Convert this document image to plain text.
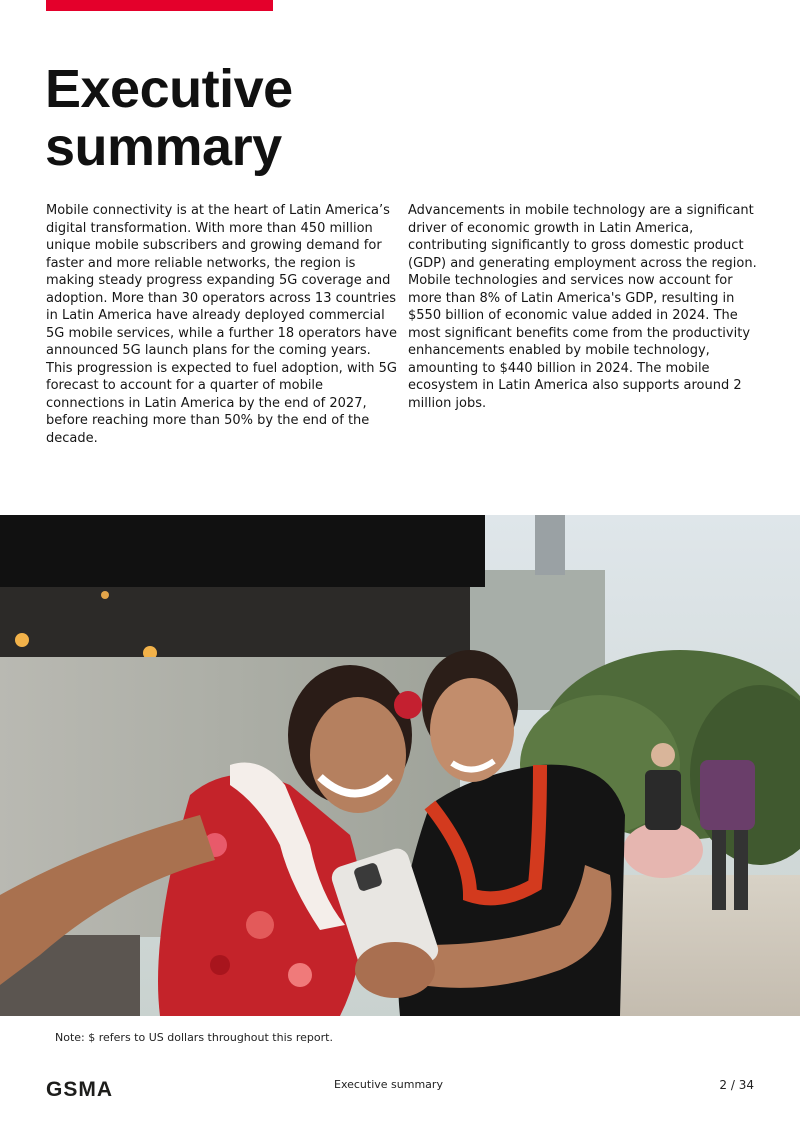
Executive summary

Mobile connectivity is at the heart of Latin America’s digital transformation. With more than 450 million unique mobile subscribers and growing demand for faster and more reliable networks, the region is making steady progress expanding 5G coverage and adoption. More than 30 operators across 13 countries in Latin America have already deployed commercial 5G mobile services, while a further 18 operators have announced 5G launch plans for the coming years. This progression is expected to fuel adoption, with 5G forecast to account for a quarter of mobile connections in Latin America by the end of 2027, before reaching more than 50% by the end of the decade.

Advancements in mobile technology are a significant driver of economic growth in Latin America, contributing significantly to gross domestic product (GDP) and generating employment across the region. Mobile technologies and services now account for more than 8% of Latin America's GDP, resulting in $550 billion of economic value added in 2024. The most significant benefits come from the productivity enhancements enabled by mobile technology, amounting to $440 billion in 2024. The mobile ecosystem in Latin America also supports around 2 million jobs.

Note: $ refers to US dollars throughout this report.
GSMA	Executive summary	2 / 34
